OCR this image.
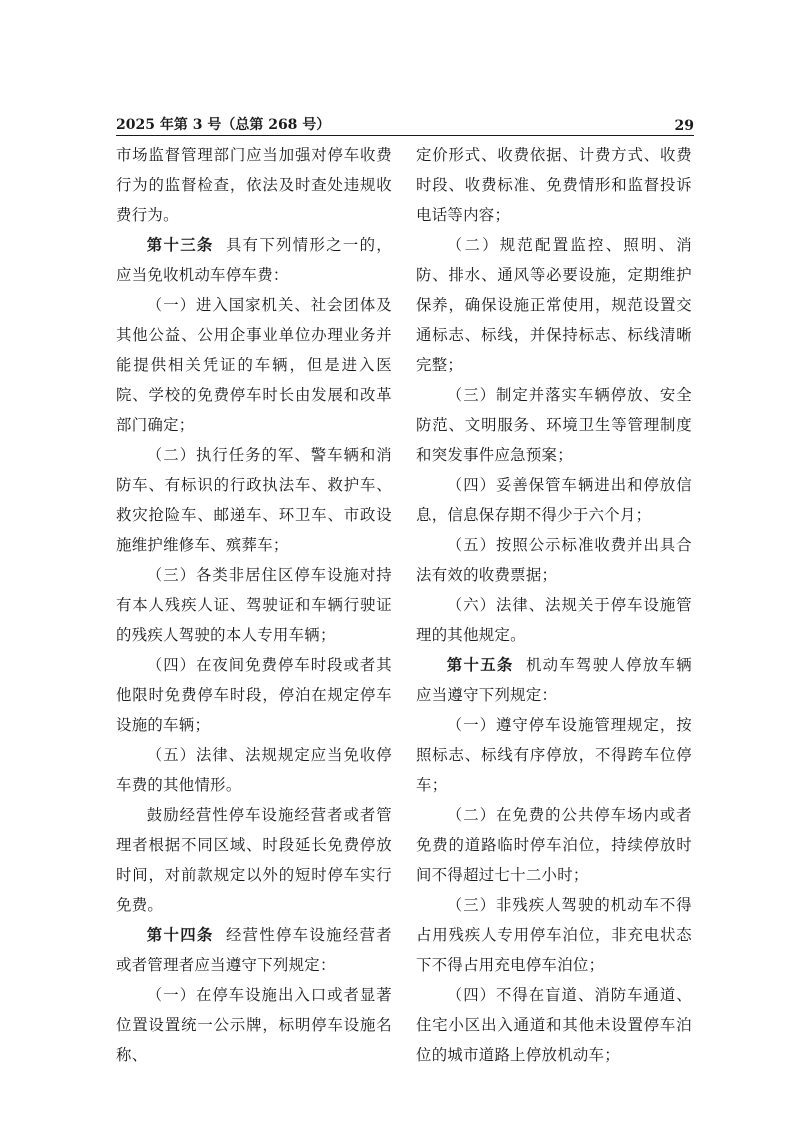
2025 年第 3 号（总第 268 号）	29

市场监督管理部门应当加强对停车收费行为的监督检查，依法及时查处违规收费行为。

第十三条 具有下列情形之一的，应当免收机动车停车费：

（一）进入国家机关、社会团体及其他公益、公用企事业单位办理业务并能提供相关凭证的车辆，但是进入医院、学校的免费停车时长由发展和改革部门确定；

（二）执行任务的军、警车辆和消防车、有标识的行政执法车、救护车、救灾抢险车、邮递车、环卫车、市政设施维护维修车、殡葬车；

（三）各类非居住区停车设施对持有本人残疾人证、驾驶证和车辆行驶证的残疾人驾驶的本人专用车辆；

（四）在夜间免费停车时段或者其他限时免费停车时段，停泊在规定停车设施的车辆；

（五）法律、法规规定应当免收停车费的其他情形。

鼓励经营性停车设施经营者或者管理者根据不同区域、时段延长免费停放时间，对前款规定以外的短时停车实行免费。

第十四条 经营性停车设施经营者或者管理者应当遵守下列规定：

（一）在停车设施出入口或者显著位置设置统一公示牌，标明停车设施名称、

定价形式、收费依据、计费方式、收费时段、收费标准、免费情形和监督投诉电话等内容；

（二）规范配置监控、照明、消防、排水、通风等必要设施，定期维护保养，确保设施正常使用，规范设置交通标志、标线，并保持标志、标线清晰完整；

（三）制定并落实车辆停放、安全防范、文明服务、环境卫生等管理制度和突发事件应急预案；

（四）妥善保管车辆进出和停放信息，信息保存期不得少于六个月；

（五）按照公示标准收费并出具合法有效的收费票据；

（六）法律、法规关于停车设施管理的其他规定。

第十五条 机动车驾驶人停放车辆应当遵守下列规定：

（一）遵守停车设施管理规定，按照标志、标线有序停放，不得跨车位停车；

（二）在免费的公共停车场内或者免费的道路临时停车泊位，持续停放时间不得超过七十二小时；

（三）非残疾人驾驶的机动车不得占用残疾人专用停车泊位，非充电状态下不得占用充电停车泊位；

（四）不得在盲道、消防车通道、住宅小区出入通道和其他未设置停车泊位的城市道路上停放机动车；
